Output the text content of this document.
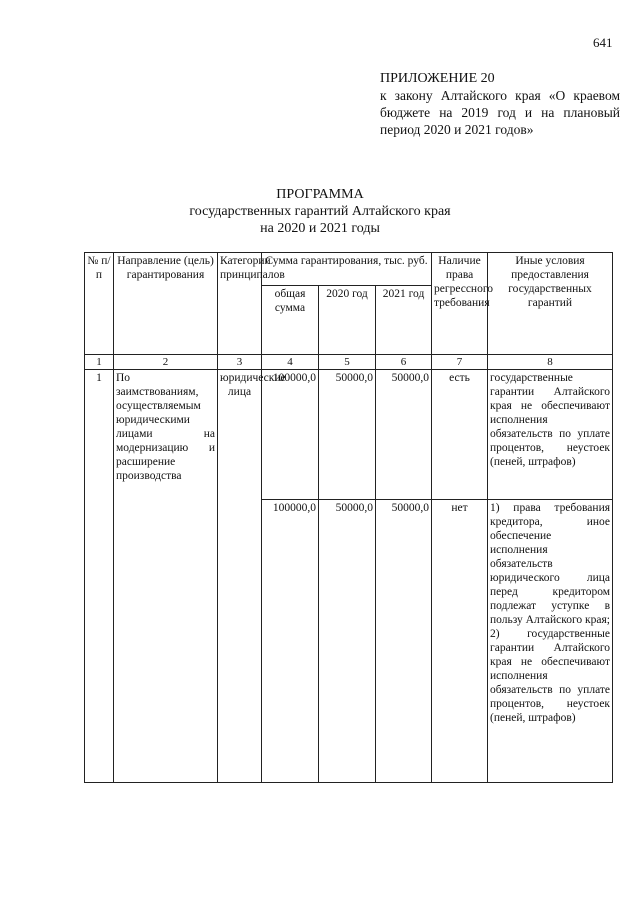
641
ПРИЛОЖЕНИЕ 20
к закону Алтайского края «О краевом бюджете на 2019 год и на плановый период 2020 и 2021 годов»
ПРОГРАММА
государственных гарантий Алтайского края
на 2020 и 2021 годы
№ п/п	Направление (цель) гарантирования	Категории принципалов	Сумма гарантирования, тыс. руб.			Наличие права регрессного требования	Иные условия предоставления государственных гарантий
			общая сумма	2020 год	2021 год		
1	2	3	4	5	6	7	8
1	По заимствованиям, осуществляемым юридическими лицами на модернизацию и расширение производства	юридические лица	100000,0	50000,0	50000,0	есть	государственные гарантии Алтайского края не обеспечивают исполнения обязательств по уплате процентов, неустоек (пеней, штрафов)
			100000,0	50000,0	50000,0	нет	1) права требования кредитора, иное обеспечение исполнения обязательств юридического лица перед кредитором подлежат уступке в пользу Алтайского края;
2) государственные гарантии Алтайского края не обеспечивают исполнения обязательств по уплате процентов, неустоек (пеней, штрафов)
